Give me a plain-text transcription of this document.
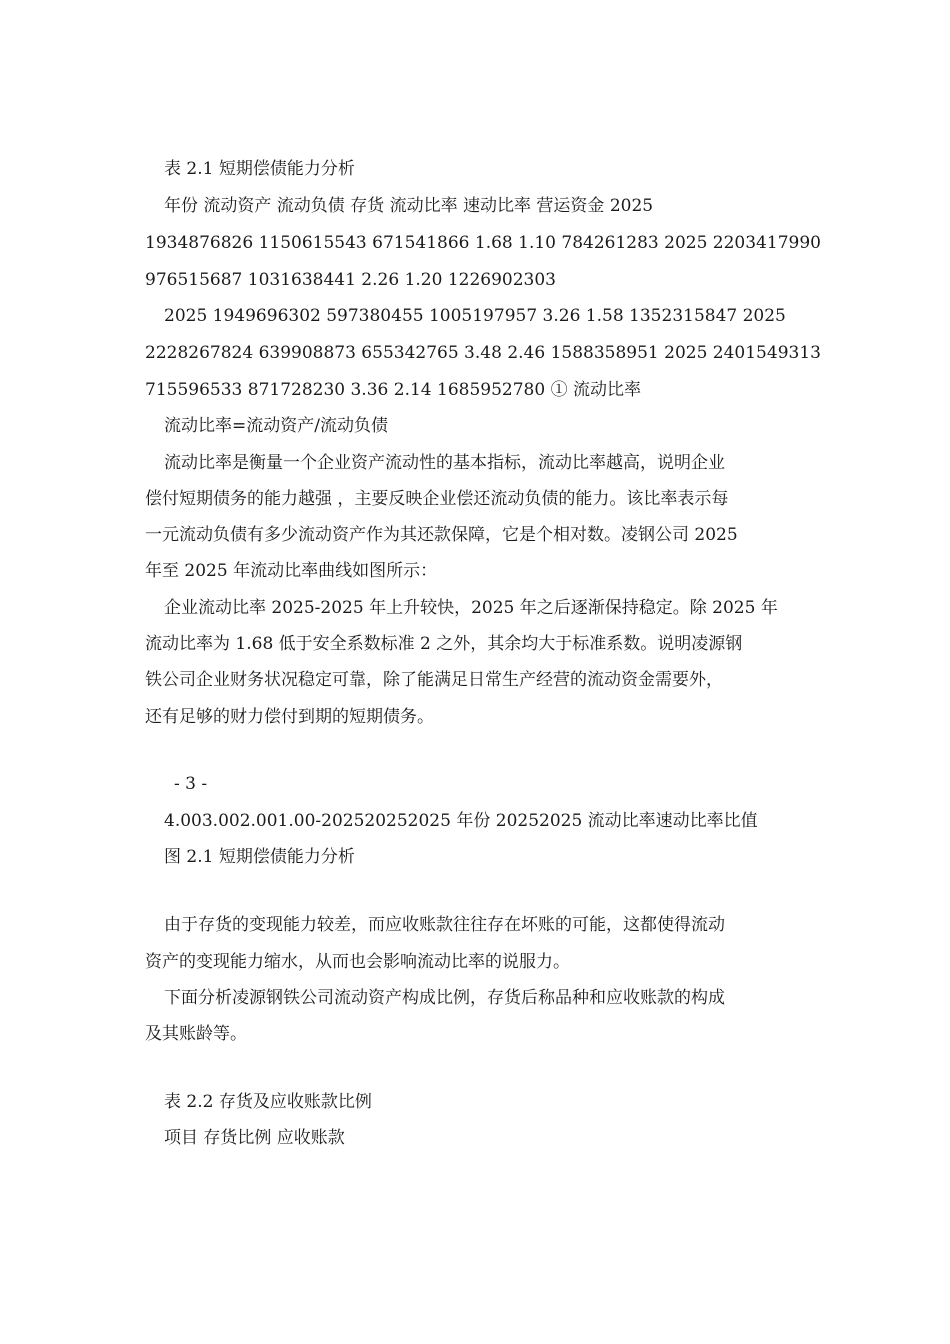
表 2.1 短期偿债能力分析
年份 流动资产 流动负债 存货 流动比率 速动比率 营运资金 2025
1934876826 1150615543 671541866 1.68 1.10 784261283 2025 2203417990
976515687 1031638441 2.26 1.20 1226902303
2025 1949696302 597380455 1005197957 3.26 1.58 1352315847 2025
2228267824 639908873 655342765 3.48 2.46 1588358951 2025 2401549313
715596533 871728230 3.36 2.14 1685952780 ① 流动比率
流动比率=流动资产/流动负债
流动比率是衡量一个企业资产流动性的基本指标，流动比率越高，说明企业
偿付短期债务的能力越强 ，主要反映企业偿还流动负债的能力。该比率表示每
一元流动负债有多少流动资产作为其还款保障，它是个相对数。凌钢公司 2025
年至 2025 年流动比率曲线如图所示：
企业流动比率 2025-2025 年上升较快，2025 年之后逐渐保持稳定。除 2025 年
流动比率为 1.68 低于安全系数标准 2 之外，其余均大于标准系数。说明凌源钢
铁公司企业财务状况稳定可靠，除了能满足日常生产经营的流动资金需要外，
还有足够的财力偿付到期的短期债务。
- 3 -
4.003.002.001.00-202520252025 年份 20252025 流动比率速动比率比值
图 2.1 短期偿债能力分析
由于存货的变现能力较差，而应收账款往往存在坏账的可能，这都使得流动
资产的变现能力缩水，从而也会影响流动比率的说服力。
下面分析凌源钢铁公司流动资产构成比例，存货后称品种和应收账款的构成
及其账龄等。
表 2.2 存货及应收账款比例
项目 存货比例 应收账款
